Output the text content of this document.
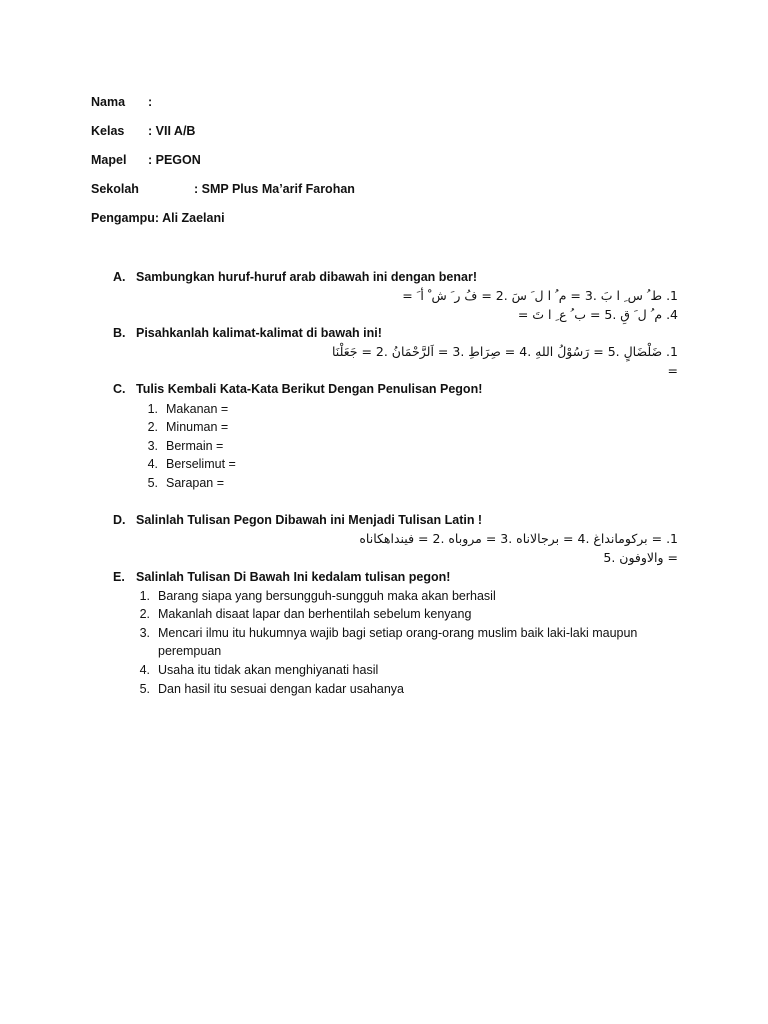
Nama :
Kelas : VII A/B
Mapel : PEGON
Sekolah	: SMP Plus Ma’arif Farohan
Pengampu: Ali Zaelani
A. Sambungkan huruf-huruf arab dibawah ini dengan benar!
1. ط ُ س ِ ا بَ .3 = م ُ ا ل َ سَ .2 = فُ ر َ ش ْ أ َ =
4. م ُ ل َ قِ .5 = ب ُ ع ِ ا تَ =
B. Pisahkanlah kalimat-kalimat di bawah ini!
1. ضَلْضَالٍ .5 = رَسُوْلُ اللهِ .4 = صِرَاطِ .3 = اَلرَّحْمَانُ .2 = جَعَلْنَا
=
C. Tulis Kembali Kata-Kata Berikut Dengan Penulisan Pegon!
1. Makanan =
2. Minuman =
3. Bermain =
4. Berselimut =
5. Sarapan =
D. Salinlah Tulisan Pegon Dibawah ini Menjadi Tulisan Latin !
1. = بركومانداغ .4 = برجالاناه .3 = مروباه .2 = فينداهكاناه
= والاوفون .5
E. Salinlah Tulisan Di Bawah Ini kedalam tulisan pegon!
1. Barang siapa yang bersungguh-sungguh maka akan berhasil
2. Makanlah disaat lapar dan berhentilah sebelum kenyang
3. Mencari ilmu itu hukumnya wajib bagi setiap orang-orang muslim baik laki-laki maupun
perempuan
4. Usaha itu tidak akan menghiyanati hasil
5. Dan hasil itu sesuai dengan kadar usahanya
